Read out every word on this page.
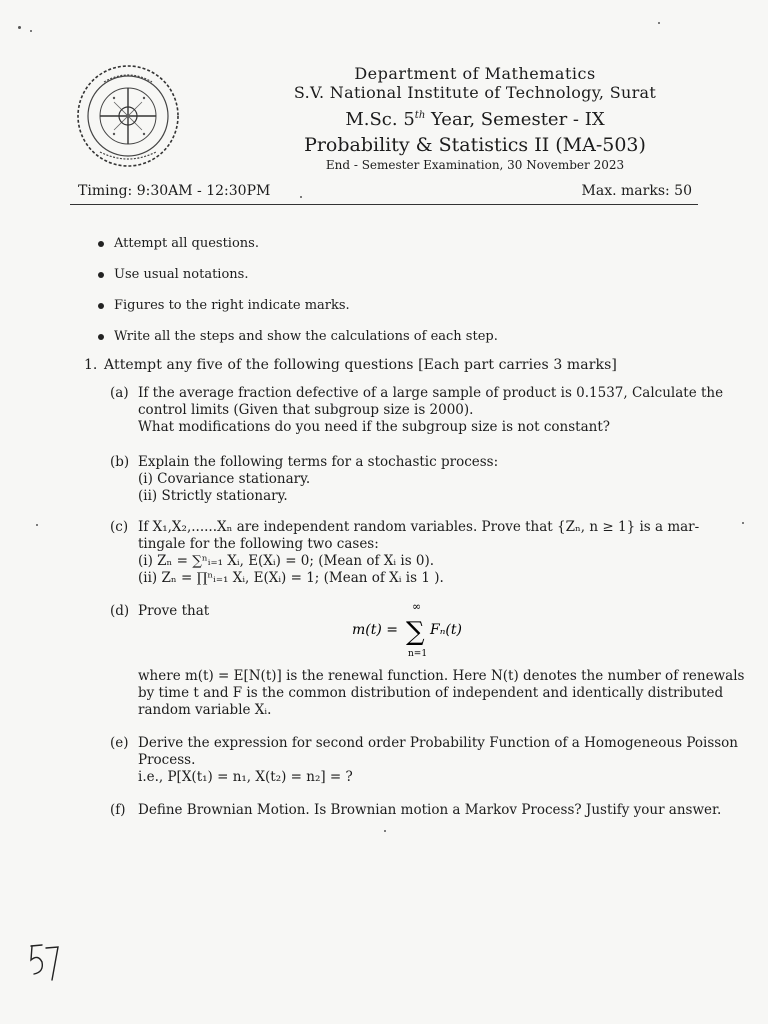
Department of Mathematics
S.V. National Institute of Technology, Surat
M.Sc. 5th Year, Semester - IX
Probability & Statistics II (MA-503)
End - Semester Examination, 30 November 2023
Timing: 9:30AM - 12:30PM	Max. marks: 50
Attempt all questions.
Use usual notations.
Figures to the right indicate marks.
Write all the steps and show the calculations of each step.
1. Attempt any five of the following questions [Each part carries 3 marks]
(a) If the average fraction defective of a large sample of product is 0.1537, Calculate the
control limits (Given that subgroup size is 2000).
What modifications do you need if the subgroup size is not constant?
(b) Explain the following terms for a stochastic process:
(i) Covariance stationary.
(ii) Strictly stationary.
(c) If X₁,X₂,......Xₙ are independent random variables. Prove that {Zₙ, n ≥ 1} is a mar-
tingale for the following two cases:
(i) Zₙ = ∑ⁿᵢ₌₁ Xᵢ, E(Xᵢ) = 0; (Mean of Xᵢ is 0).
(ii) Zₙ = ∏ⁿᵢ₌₁ Xᵢ, E(Xᵢ) = 1; (Mean of Xᵢ is 1 ).
(d) Prove that
m(t) =
∞
∑
n=1
Fₙ(t)
where m(t) = E[N(t)] is the renewal function. Here N(t) denotes the number of renewals
by time t and F is the common distribution of independent and identically distributed
random variable Xᵢ.
(e) Derive the expression for second order Probability Function of a Homogeneous Poisson
Process.
i.e., P[X(t₁) = n₁, X(t₂) = n₂] = ?
(f) Define Brownian Motion. Is Brownian motion a Markov Process? Justify your answer.
